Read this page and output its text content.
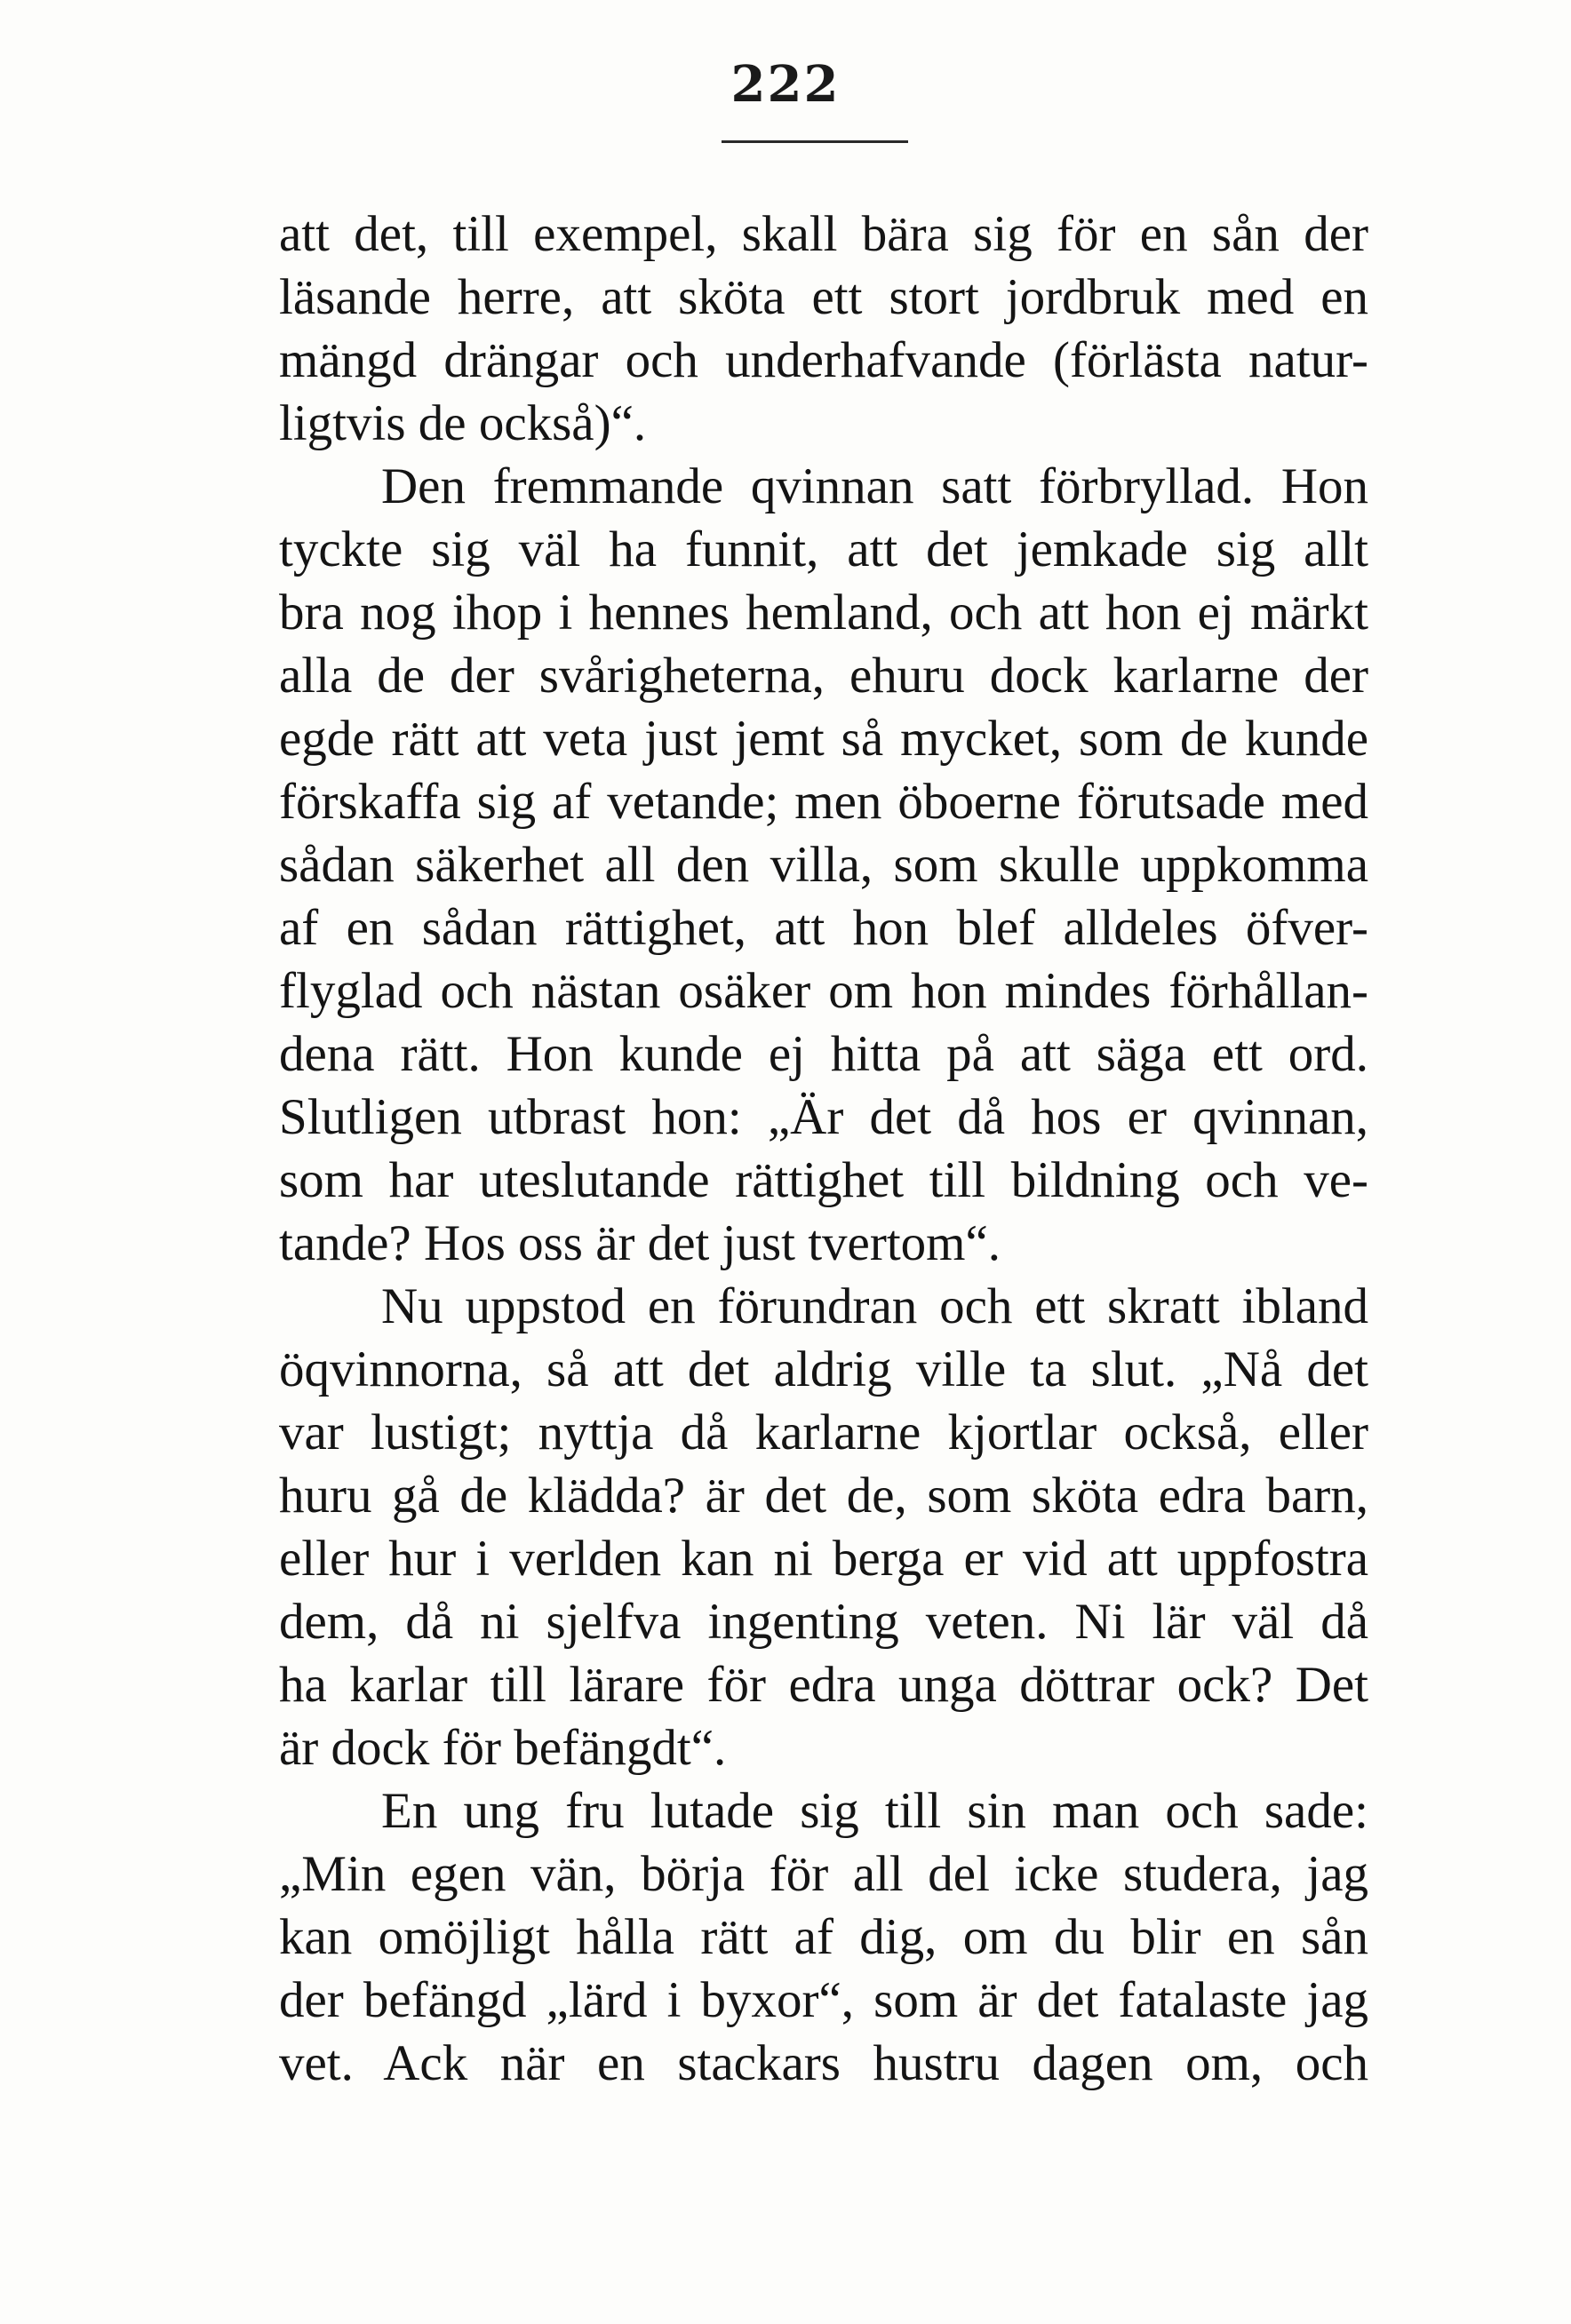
222
att det, till exempel, skall bära sig för en sån der
läsande herre, att sköta ett stort jordbruk med en
mängd drängar och underhafvande (förlästa natur-
ligtvis de också)“.
Den fremmande qvinnan satt förbryllad. Hon
tyckte sig väl ha funnit, att det jemkade sig allt
bra nog ihop i hennes hemland, och att hon ej märkt
alla de der svårigheterna, ehuru dock karlarne der
egde rätt att veta just jemt så mycket, som de kunde
förskaffa sig af vetande; men öboerne förutsade med
sådan säkerhet all den villa, som skulle uppkomma
af en sådan rättighet, att hon blef alldeles öfver-
flyglad och nästan osäker om hon mindes förhållan-
dena rätt. Hon kunde ej hitta på att säga ett ord.
Slutligen utbrast hon: „Är det då hos er qvinnan,
som har uteslutande rättighet till bildning och ve-
tande? Hos oss är det just tvertom“.
Nu uppstod en förundran och ett skratt ibland
öqvinnorna, så att det aldrig ville ta slut. „Nå det
var lustigt; nyttja då karlarne kjortlar också, eller
huru gå de klädda? är det de, som sköta edra barn,
eller hur i verlden kan ni berga er vid att uppfostra
dem, då ni sjelfva ingenting veten. Ni lär väl då
ha karlar till lärare för edra unga döttrar ock? Det
är dock för befängdt“.
En ung fru lutade sig till sin man och sade:
„Min egen vän, börja för all del icke studera, jag
kan omöjligt hålla rätt af dig, om du blir en sån
der befängd „lärd i byxor“, som är det fatalaste jag
vet. Ack när en stackars hustru dagen om, och
